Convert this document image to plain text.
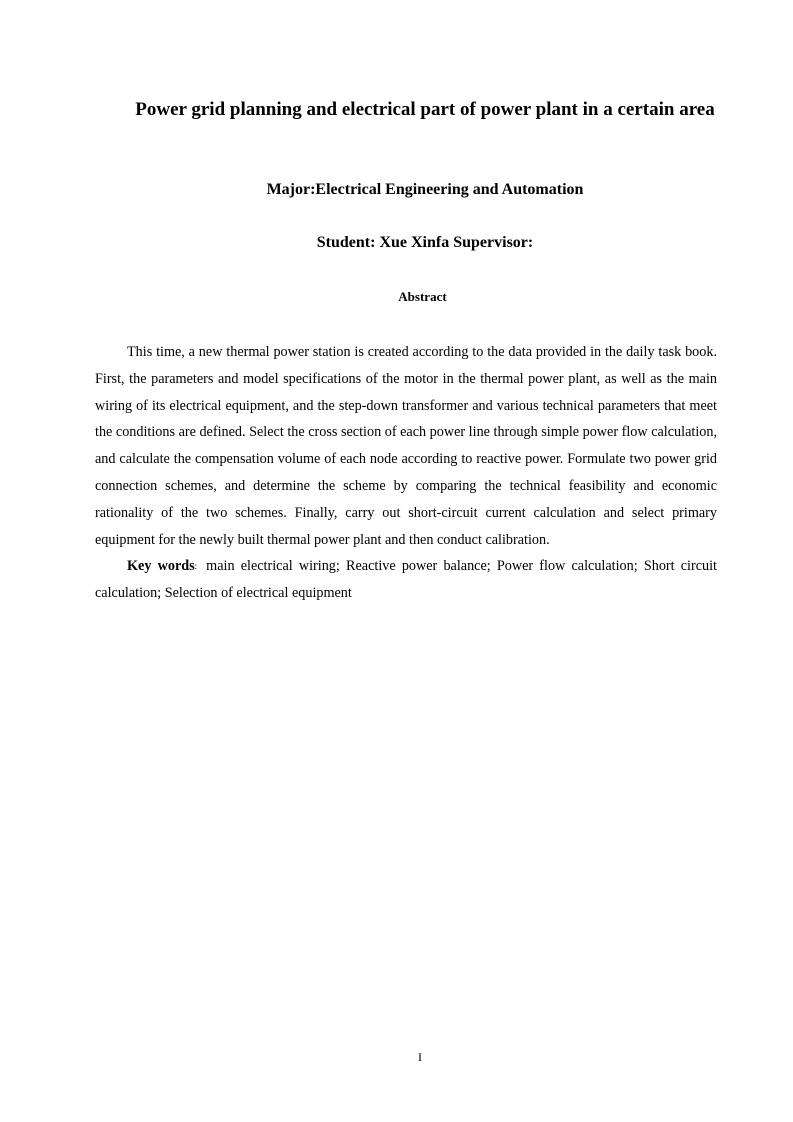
Power grid planning and electrical part of power plant in a certain area
Major:Electrical Engineering and Automation
Student: Xue Xinfa Supervisor:
Abstract

This time, a new thermal power station is created according to the data provided in the daily task book. First, the parameters and model specifications of the motor in the thermal power plant, as well as the main wiring of its electrical equipment, and the step-down transformer and various technical parameters that meet the conditions are defined. Select the cross section of each power line through simple power flow calculation, and calculate the compensation volume of each node according to reactive power. Formulate two power grid connection schemes, and determine the scheme by comparing the technical feasibility and economic rationality of the two schemes. Finally, carry out short-circuit current calculation and select primary equipment for the newly built thermal power plant and then conduct calibration.

Key words: main electrical wiring; Reactive power balance; Power flow calculation; Short circuit calculation; Selection of electrical equipment

I
